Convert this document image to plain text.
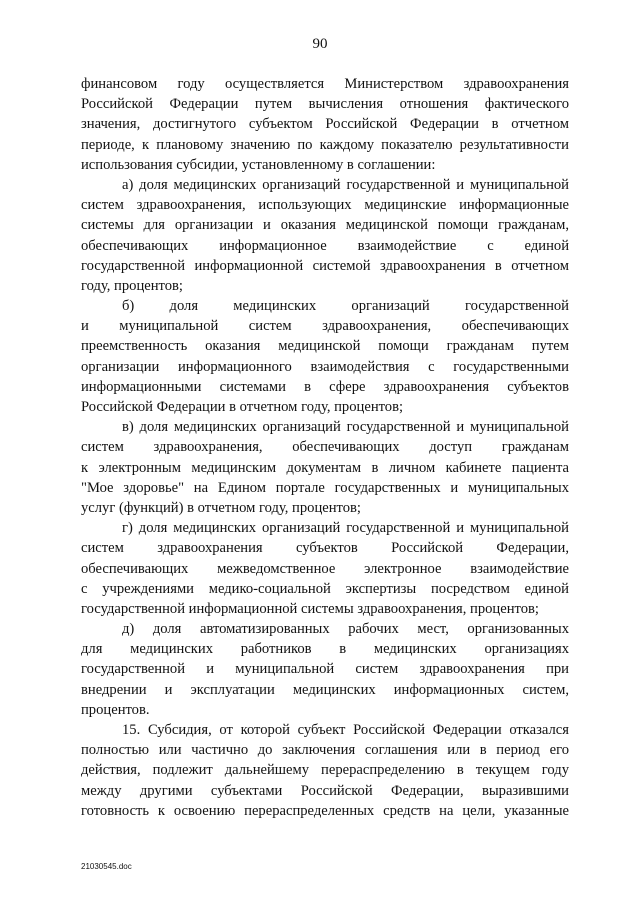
90
финансовом году осуществляется Министерством здравоохранения
Российской Федерации путем вычисления отношения фактического
значения, достигнутого субъектом Российской Федерации в отчетном
периоде, к плановому значению по каждому показателю результативности
использования субсидии, установленному в соглашении:
а) доля медицинских организаций государственной и муниципальной
систем здравоохранения, использующих медицинские информационные
системы для организации и оказания медицинской помощи гражданам,
обеспечивающих информационное взаимодействие с единой
государственной информационной системой здравоохранения в отчетном
году, процентов;
б) доля медицинских организаций государственной
и муниципальной систем здравоохранения, обеспечивающих
преемственность оказания медицинской помощи гражданам путем
организации информационного взаимодействия с государственными
информационными системами в сфере здравоохранения субъектов
Российской Федерации в отчетном году, процентов;
в) доля медицинских организаций государственной и муниципальной
систем здравоохранения, обеспечивающих доступ гражданам
к электронным медицинским документам в личном кабинете пациента
"Мое здоровье" на Едином портале государственных и муниципальных
услуг (функций) в отчетном году, процентов;
г) доля медицинских организаций государственной и муниципальной
систем здравоохранения субъектов Российской Федерации,
обеспечивающих межведомственное электронное взаимодействие
с учреждениями медико-социальной экспертизы посредством единой
государственной информационной системы здравоохранения, процентов;
д) доля автоматизированных рабочих мест, организованных
для медицинских работников в медицинских организациях
государственной и муниципальной систем здравоохранения при
внедрении и эксплуатации медицинских информационных систем,
процентов.
15. Субсидия, от которой субъект Российской Федерации отказался
полностью или частично до заключения соглашения или в период его
действия, подлежит дальнейшему перераспределению в текущем году
между другими субъектами Российской Федерации, выразившими
готовность к освоению перераспределенных средств на цели, указанные
21030545.doc
